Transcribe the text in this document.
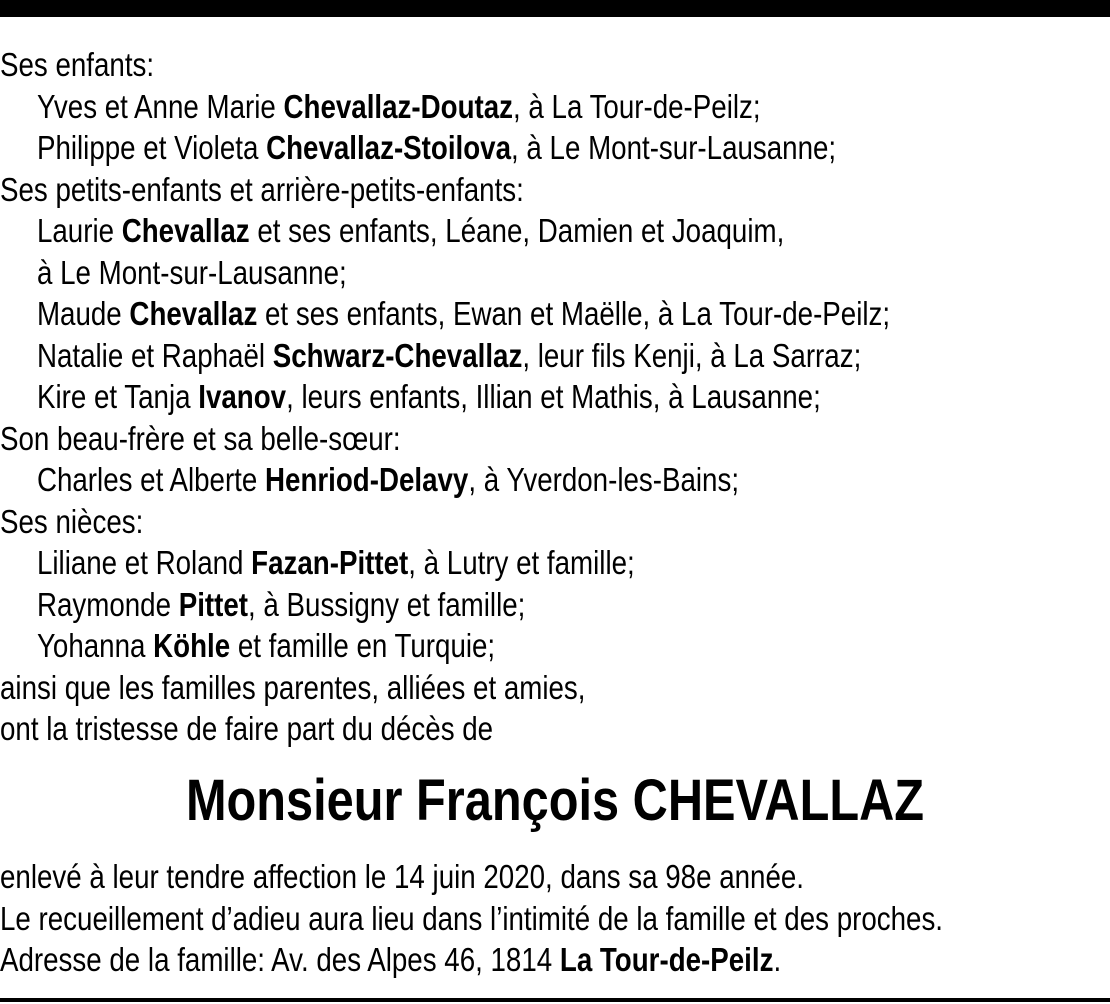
Ses enfants:
Yves et Anne Marie Chevallaz-Doutaz, à La Tour-de-Peilz;
Philippe et Violeta Chevallaz-Stoilova, à Le Mont-sur-Lausanne;
Ses petits-enfants et arrière-petits-enfants:
Laurie Chevallaz et ses enfants, Léane, Damien et Joaquim,
à Le Mont-sur-Lausanne;
Maude Chevallaz et ses enfants, Ewan et Maëlle, à La Tour-de-Peilz;
Natalie et Raphaël Schwarz-Chevallaz, leur fils Kenji, à La Sarraz;
Kire et Tanja Ivanov, leurs enfants, Illian et Mathis, à Lausanne;
Son beau-frère et sa belle-sœur:
Charles et Alberte Henriod-Delavy, à Yverdon-les-Bains;
Ses nièces:
Liliane et Roland Fazan-Pittet, à Lutry et famille;
Raymonde Pittet, à Bussigny et famille;
Yohanna Köhle et famille en Turquie;
ainsi que les familles parentes, alliées et amies,
ont la tristesse de faire part du décès de
Monsieur François CHEVALLAZ
enlevé à leur tendre affection le 14 juin 2020, dans sa 98e année.
Le recueillement d’adieu aura lieu dans l’intimité de la famille et des proches.
Adresse de la famille: Av. des Alpes 46, 1814 La Tour-de-Peilz.
